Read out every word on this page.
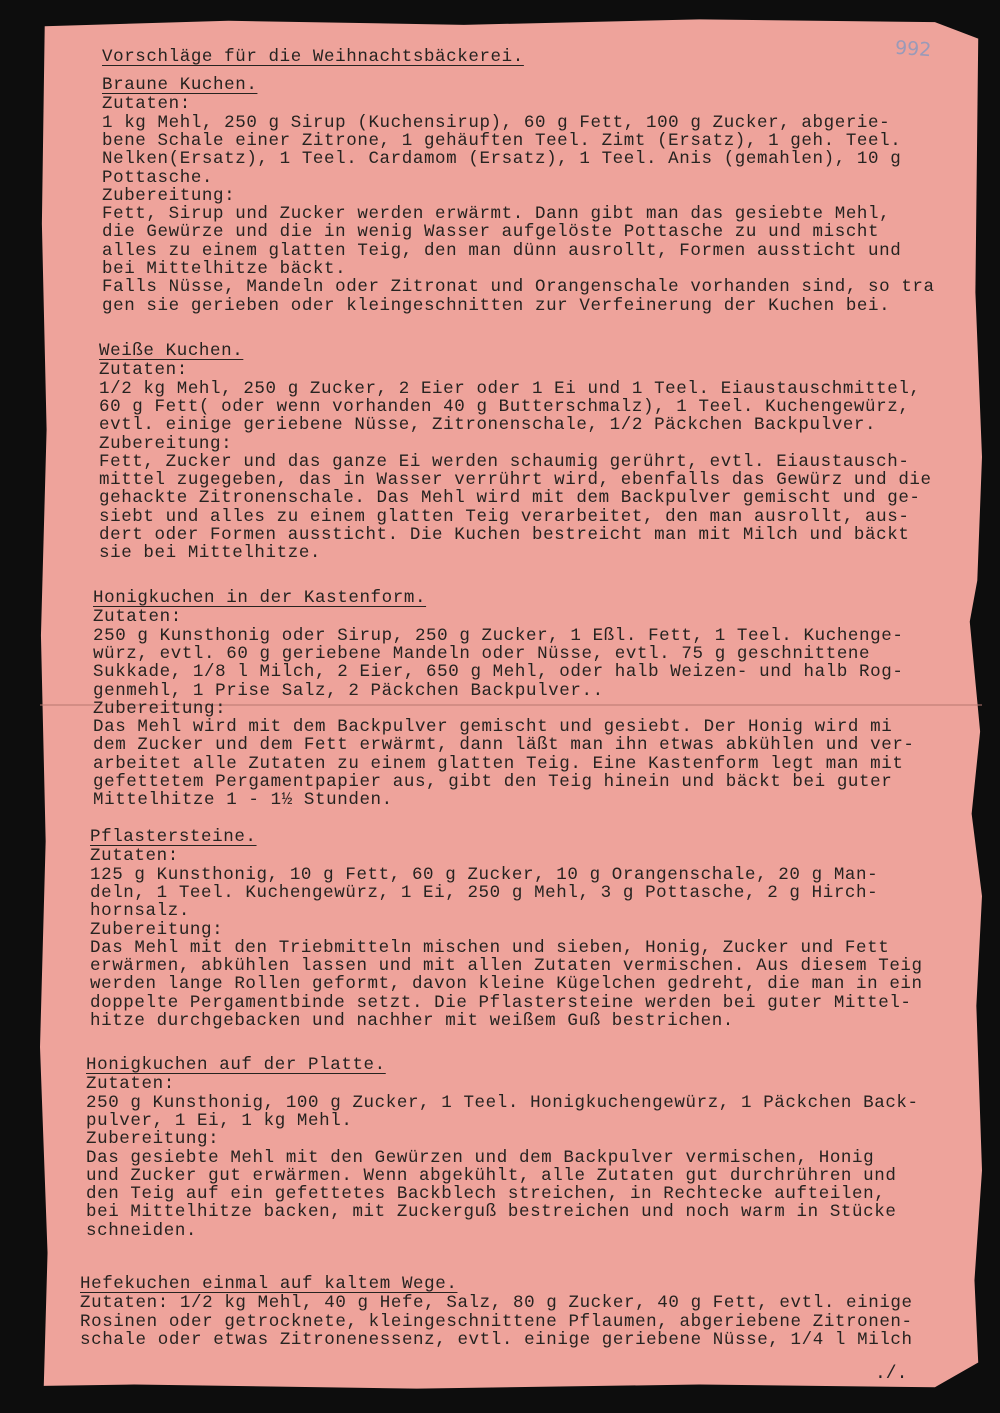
992
Vorschläge für die Weihnachtsbäckerei.
Braune Kuchen.
Zutaten:
1 kg Mehl, 250 g Sirup (Kuchensirup), 60 g Fett, 100 g Zucker, abgerie-
bene Schale einer Zitrone, 1 gehäuften Teel. Zimt (Ersatz), 1 geh. Teel.
Nelken(Ersatz), 1 Teel. Cardamom (Ersatz), 1 Teel. Anis (gemahlen), 10 g
Pottasche.
Zubereitung:
Fett, Sirup und Zucker werden erwärmt. Dann gibt man das gesiebte Mehl,
die Gewürze und die in wenig Wasser aufgelöste Pottasche zu und mischt
alles zu einem glatten Teig, den man dünn ausrollt, Formen aussticht und
bei Mittelhitze bäckt.
Falls Nüsse, Mandeln oder Zitronat und Orangenschale vorhanden sind, so tra
gen sie gerieben oder kleingeschnitten zur Verfeinerung der Kuchen bei.
Weiße Kuchen.
Zutaten:
1/2 kg Mehl, 250 g Zucker, 2 Eier oder 1 Ei und 1 Teel. Eiaustauschmittel,
60 g Fett( oder wenn vorhanden 40 g Butterschmalz), 1 Teel. Kuchengewürz,
evtl. einige geriebene Nüsse, Zitronenschale, 1/2 Päckchen Backpulver.
Zubereitung:
Fett, Zucker und das ganze Ei werden schaumig gerührt, evtl. Eiaustausch-
mittel zugegeben, das in Wasser verrührt wird, ebenfalls das Gewürz und die
gehackte Zitronenschale. Das Mehl wird mit dem Backpulver gemischt und ge-
siebt und alles zu einem glatten Teig verarbeitet, den man ausrollt, aus-
dert oder Formen aussticht. Die Kuchen bestreicht man mit Milch und bäckt
sie bei Mittelhitze.
Honigkuchen in der Kastenform.
Zutaten:
250 g Kunsthonig oder Sirup, 250 g Zucker, 1 Eßl. Fett, 1 Teel. Kuchenge-
würz, evtl. 60 g geriebene Mandeln oder Nüsse, evtl. 75 g geschnittene
Sukkade, 1/8 l Milch, 2 Eier, 650 g Mehl, oder halb Weizen- und halb Rog-
genmehl, 1 Prise Salz, 2 Päckchen Backpulver..
Zubereitung:
Das Mehl wird mit dem Backpulver gemischt und gesiebt. Der Honig wird mi
dem Zucker und dem Fett erwärmt, dann läßt man ihn etwas abkühlen und ver-
arbeitet alle Zutaten zu einem glatten Teig. Eine Kastenform legt man mit
gefettetem Pergamentpapier aus, gibt den Teig hinein und bäckt bei guter
Mittelhitze 1 - 1½ Stunden.
Pflastersteine.
Zutaten:
125 g Kunsthonig, 10 g Fett, 60 g Zucker, 10 g Orangenschale, 20 g Man-
deln, 1 Teel. Kuchengewürz, 1 Ei, 250 g Mehl, 3 g Pottasche, 2 g Hirch-
hornsalz.
Zubereitung:
Das Mehl mit den Triebmitteln mischen und sieben, Honig, Zucker und Fett
erwärmen, abkühlen lassen und mit allen Zutaten vermischen. Aus diesem Teig
werden lange Rollen geformt, davon kleine Kügelchen gedreht, die man in ein
doppelte Pergamentbinde setzt. Die Pflastersteine werden bei guter Mittel-
hitze durchgebacken und nachher mit weißem Guß bestrichen.
Honigkuchen auf der Platte.
Zutaten:
250 g Kunsthonig, 100 g Zucker, 1 Teel. Honigkuchengewürz, 1 Päckchen Back-
pulver, 1 Ei, 1 kg Mehl.
Zubereitung:
Das gesiebte Mehl mit den Gewürzen und dem Backpulver vermischen, Honig
und Zucker gut erwärmen. Wenn abgekühlt, alle Zutaten gut durchrühren und
den Teig auf ein gefettetes Backblech streichen, in Rechtecke aufteilen,
bei Mittelhitze backen, mit Zuckerguß bestreichen und noch warm in Stücke
schneiden.
Hefekuchen einmal auf kaltem Wege.
Zutaten: 1/2 kg Mehl, 40 g Hefe, Salz, 80 g Zucker, 40 g Fett, evtl. einige
Rosinen oder getrocknete, kleingeschnittene Pflaumen, abgeriebene Zitronen-
schale oder etwas Zitronenessenz, evtl. einige geriebene Nüsse, 1/4 l Milch
./.
